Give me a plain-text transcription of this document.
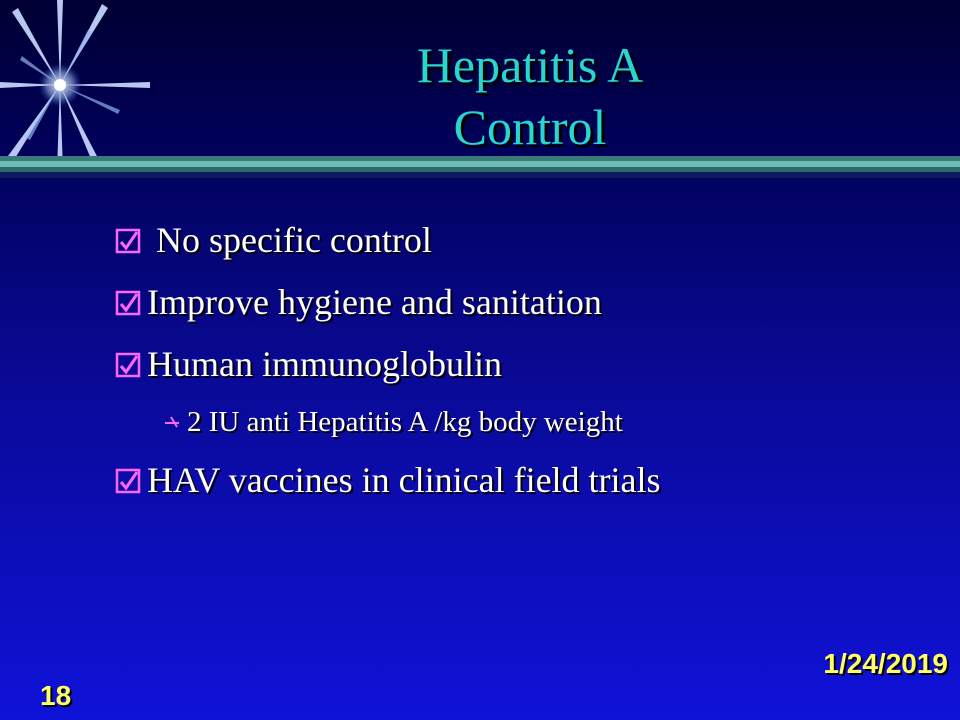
Hepatitis A
Control
No specific control
Improve hygiene and sanitation
Human immunoglobulin
2 IU anti Hepatitis A /kg body weight
HAV vaccines in clinical field trials
1/24/2019
18
